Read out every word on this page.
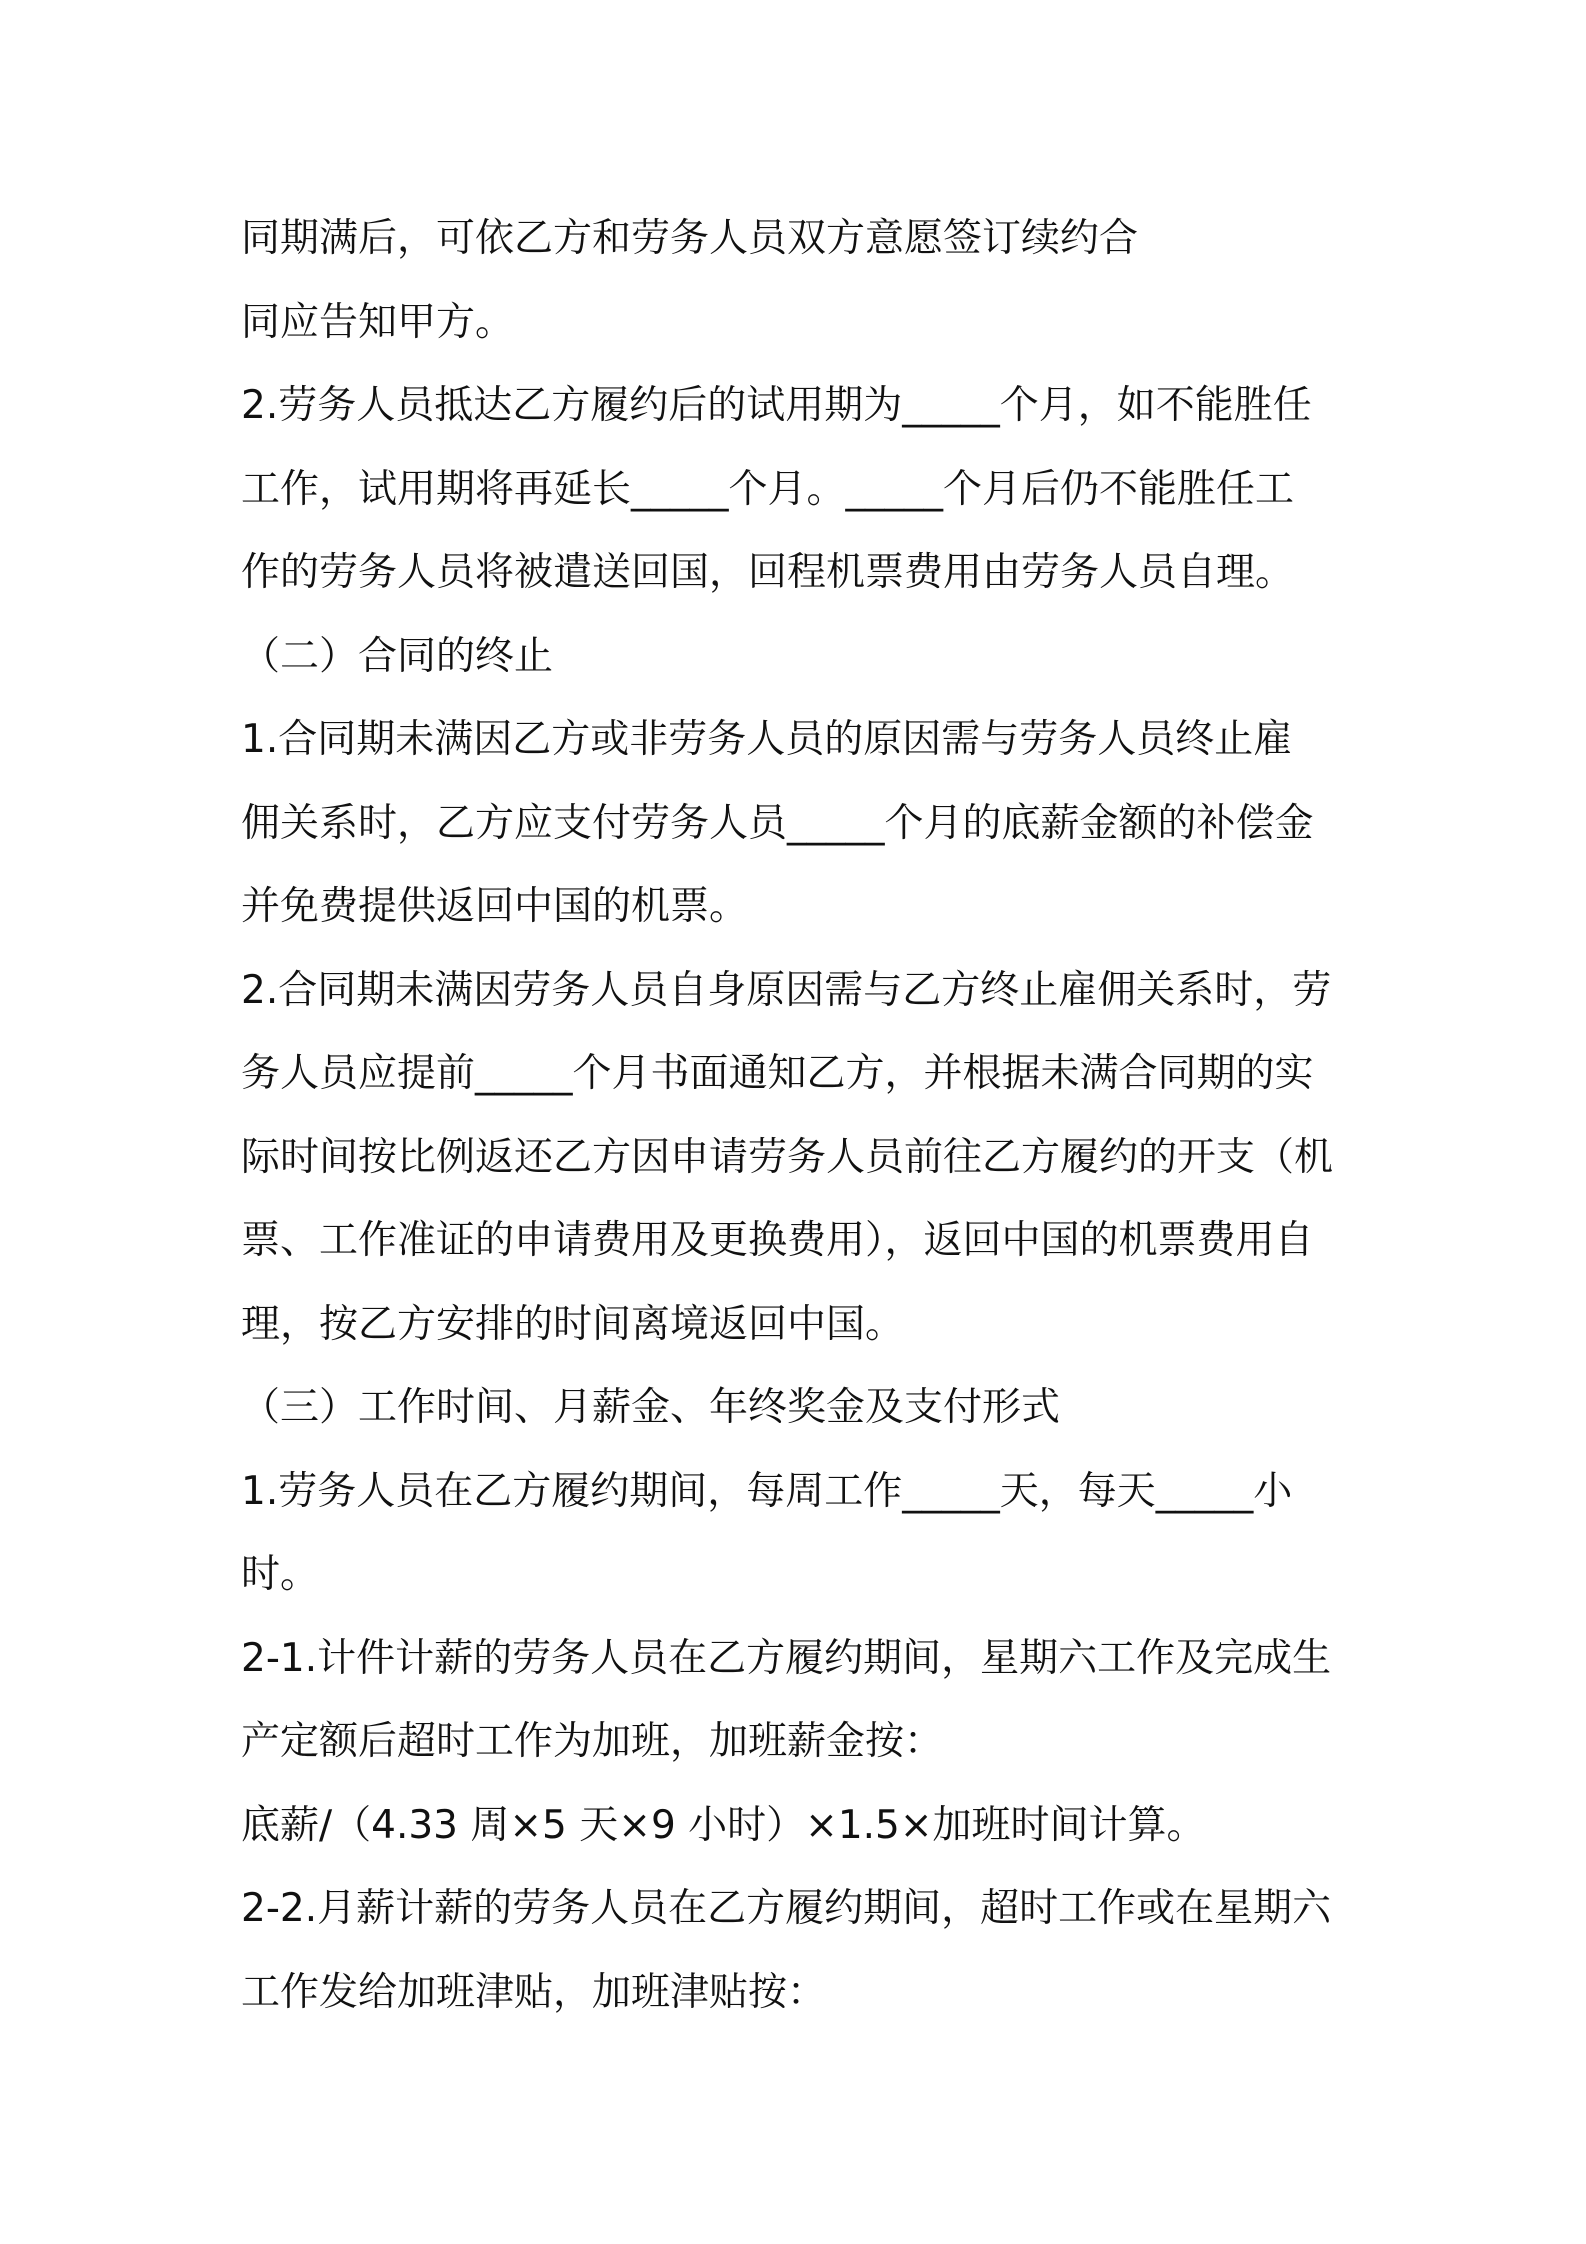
同期满后，可依乙方和劳务人员双方意愿签订续约合
同应告知甲方。
2.劳务人员抵达乙方履约后的试用期为_____个月，如不能胜任
工作，试用期将再延长_____个月。_____个月后仍不能胜任工
作的劳务人员将被遣送回国，回程机票费用由劳务人员自理。
（二）合同的终止
1.合同期未满因乙方或非劳务人员的原因需与劳务人员终止雇
佣关系时，乙方应支付劳务人员_____个月的底薪金额的补偿金
并免费提供返回中国的机票。
2.合同期未满因劳务人员自身原因需与乙方终止雇佣关系时，劳
务人员应提前_____个月书面通知乙方，并根据未满合同期的实
际时间按比例返还乙方因申请劳务人员前往乙方履约的开支（机
票、工作准证的申请费用及更换费用），返回中国的机票费用自
理，按乙方安排的时间离境返回中国。
（三）工作时间、月薪金、年终奖金及支付形式
1.劳务人员在乙方履约期间，每周工作_____天，每天_____小
时。
2-1.计件计薪的劳务人员在乙方履约期间，星期六工作及完成生
产定额后超时工作为加班，加班薪金按：
底薪/（4.33 周×5 天×9 小时）×1.5×加班时间计算。
2-2.月薪计薪的劳务人员在乙方履约期间，超时工作或在星期六
工作发给加班津贴，加班津贴按：
